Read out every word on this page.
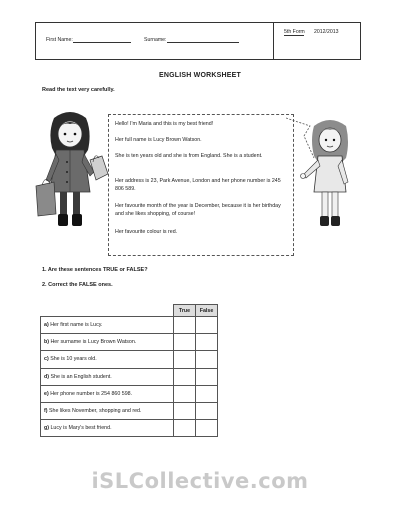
First Name:	Surname:
5th Form 2012/2013
ENGLISH WORKSHEET
Read the text very carefully.
Hello! I'm Maria and this is my best friend!
Her full name is Lucy Brown Watson.
She is ten years old and she is from England. She is a student.
Her address is 23, Park Avenue, London and her phone number is 245 806 589.
Her favourite month of the year is December, because it is her birthday and she likes shopping, of course!
Her favourite colour is red.
1. Are these sentences TRUE or FALSE?
2. Correct the FALSE ones.
	True	False
a) Her first name is Lucy.		
b) Her surname is Lucy Brown Watson.		
c) She is 10 years old.		
d) She is an English student.		
e) Her phone number is 254 860 598.		
f) She likes November, shopping and red.		
g) Lucy is Mary's best friend.		
iSLCollective.com
